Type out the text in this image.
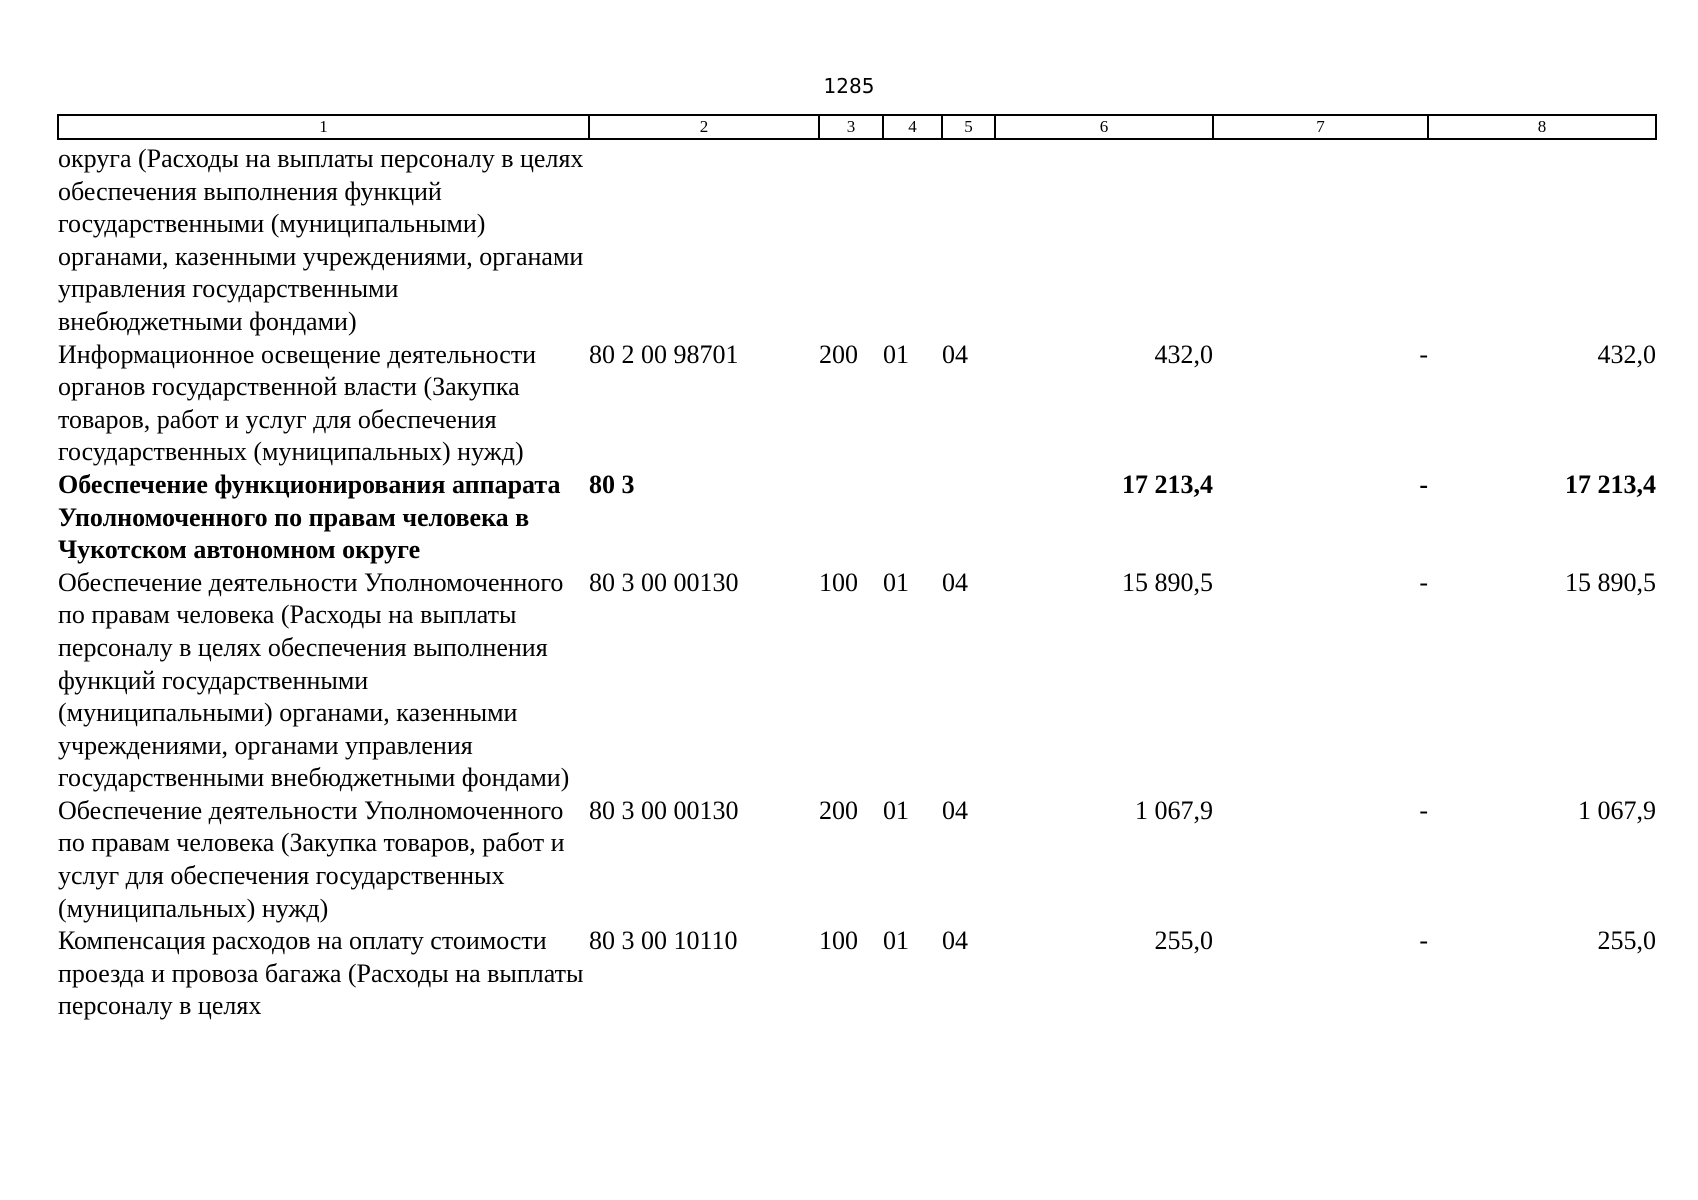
1285
1	2	3	4	5	6	7	8
округа (Расходы на выплаты персоналу в целях обеспечения выполнения функций государственными (муниципальными) органами, казенными учреждениями, органами управления государственными внебюджетными фондами)							
Информационное освещение деятельности органов государственной власти (Закупка товаров, работ и услуг для обеспечения государственных (муниципальных) нужд)	80 2 00 98701	200	01	04	432,0	-	432,0
Обеспечение функционирования аппарата Уполномоченного по правам человека в Чукотском автономном округе	80 3				17 213,4	-	17 213,4
Обеспечение деятельности Уполномоченного по правам человека (Расходы на выплаты персоналу в целях обеспечения выполнения функций государственными (муниципальными) органами, казенными учреждениями, органами управления государственными внебюджетными фондами)	80 3 00 00130	100	01	04	15 890,5	-	15 890,5
Обеспечение деятельности Уполномоченного по правам человека (Закупка товаров, работ и услуг для обеспечения государственных (муниципальных) нужд)	80 3 00 00130	200	01	04	1 067,9	-	1 067,9
Компенсация расходов на оплату стоимости проезда и провоза багажа (Расходы на выплаты персоналу в целях	80 3 00 10110	100	01	04	255,0	-	255,0
